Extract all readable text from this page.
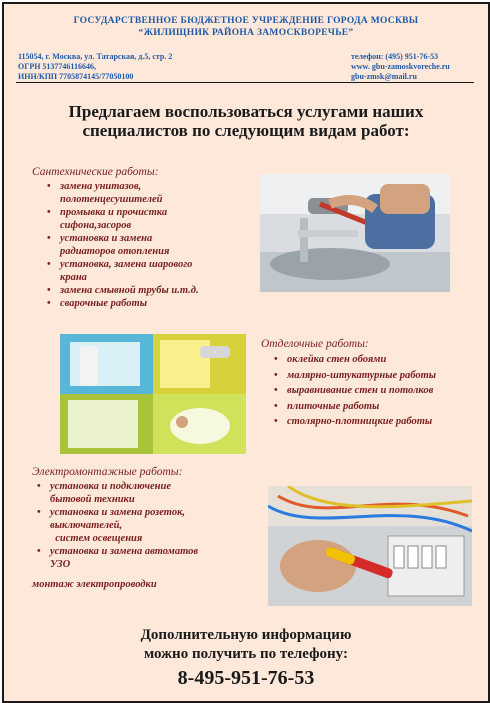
ГОСУДАРСТВЕННОЕ БЮДЖЕТНОЕ УЧРЕЖДЕНИЕ ГОРОДА МОСКВЫ
“ЖИЛИЩНИК РАЙОНА ЗАМОСКВОРЕЧЬЕ”
115054, г. Москва, ул. Татарская, д.5, стр. 2
ОГРН 5137746116646,
ИНН/КПП 7705874145/77050100
телефон: (495) 951-76-53
www. gbu-zamoskvoreche.ru
gbu-zmsk@mail.ru
Предлагаем воспользоваться услугами наших
специалистов по следующим видам работ:
Сантехнические работы:
• замена унитазов,
полотенцесушителей
• промывка и прочистка
сифона,засоров
• установка и замена
радиаторов отопления
• установка, замена шарового
крана
• замена смывной трубы и.т.д.
• сварочные работы
Отделочные работы:
• оклейка стен обоями
• малярно-штукатурные работы
• выравнивание стен и потолков
• плиточные работы
• столярно-плотницкие работы
Электромонтажные работы:
• установка и подключение
бытовой техники
• установка и замена розеток,
выключателей,
систем освещения
• установка и замена автоматов
УЗО
монтаж электропроводки
Дополнительную информацию
можно получить по телефону:
8-495-951-76-53
